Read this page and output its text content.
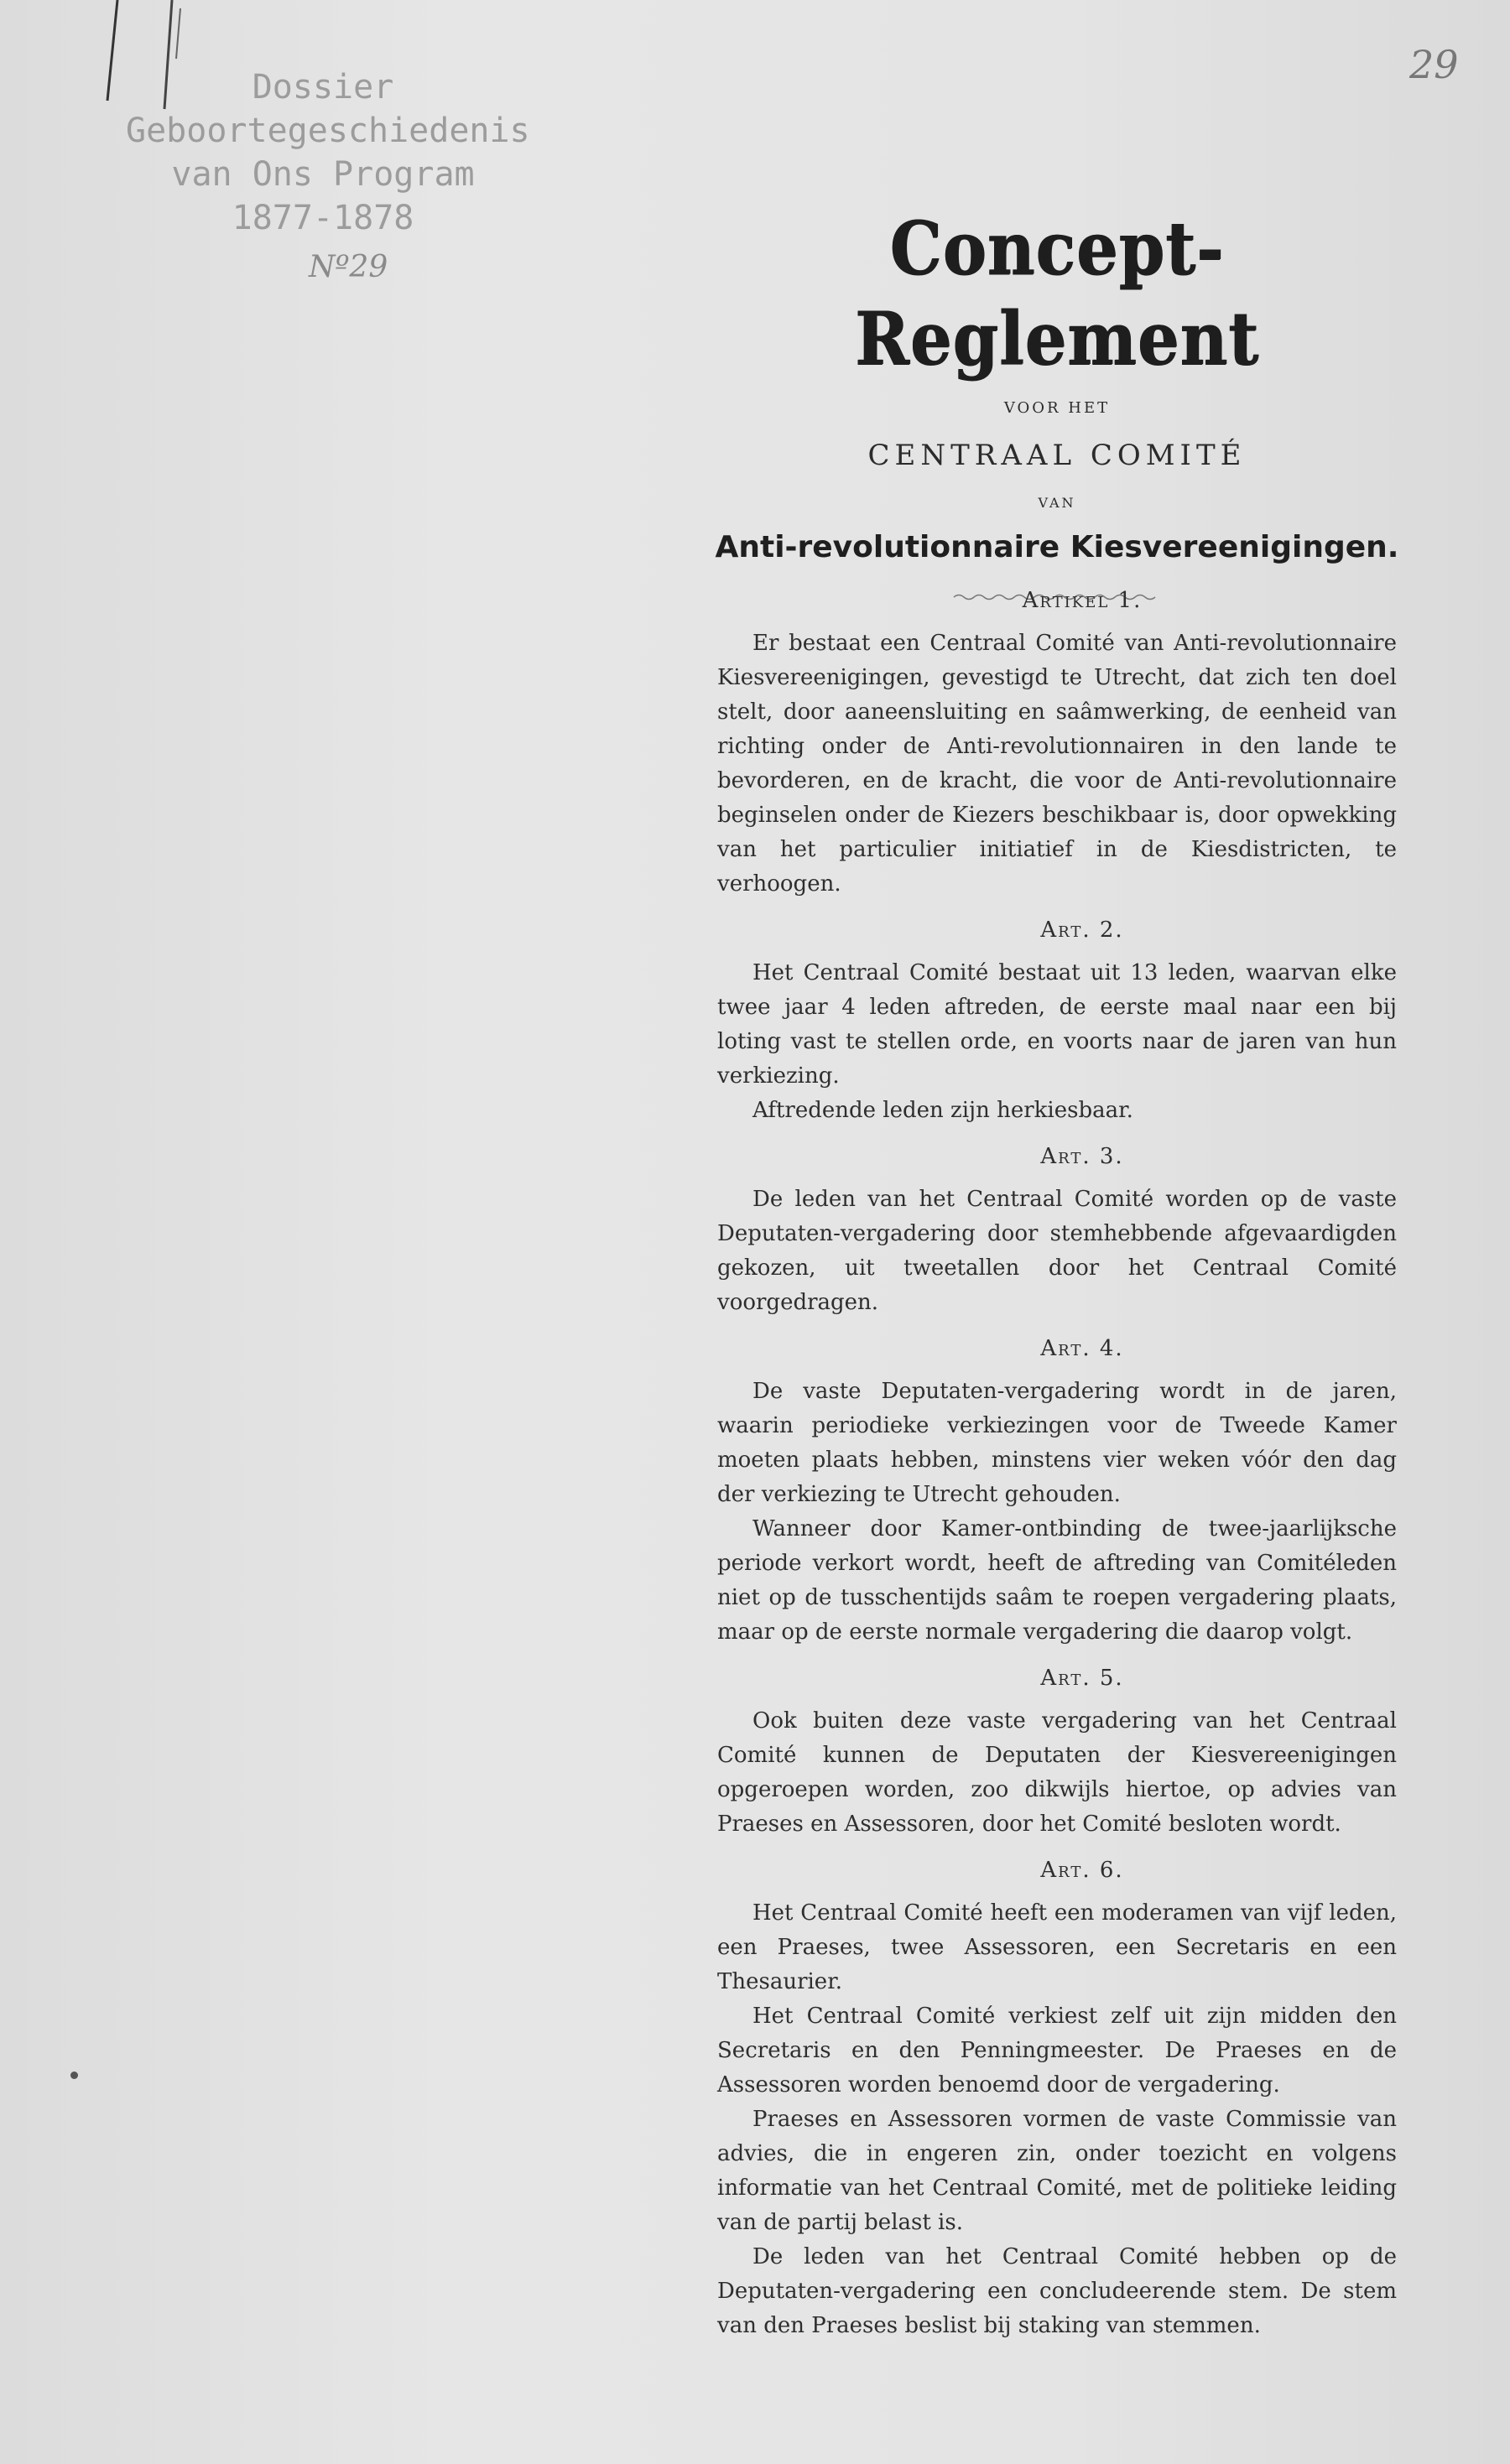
Dossier
Geboortegeschiedenis
van Ons Program
1877-1878
Nº29
29
Concept-Reglement
VOOR HET
CENTRAAL COMITÉ
VAN
Anti-revolutionnaire Kiesvereenigingen.
Artikel 1.

Er bestaat een Centraal Comité van Anti-revolutionnaire Kiesvereenigingen, gevestigd te Utrecht, dat zich ten doel stelt, door aaneensluiting en saâmwerking, de eenheid van richting onder de Anti-revolutionnairen in den lande te bevorderen, en de kracht, die voor de Anti-revolutionnaire beginselen onder de Kiezers beschikbaar is, door opwekking van het particulier initiatief in de Kiesdistricten, te verhoogen.

Art. 2.

Het Centraal Comité bestaat uit 13 leden, waarvan elke twee jaar 4 leden aftreden, de eerste maal naar een bij loting vast te stellen orde, en voorts naar de jaren van hun verkiezing.

Aftredende leden zijn herkiesbaar.

Art. 3.

De leden van het Centraal Comité worden op de vaste Deputaten-vergadering door stemhebbende afgevaardigden gekozen, uit tweetallen door het Centraal Comité voorgedragen.

Art. 4.

De vaste Deputaten-vergadering wordt in de jaren, waarin periodieke verkiezingen voor de Tweede Kamer moeten plaats hebben, minstens vier weken vóór den dag der verkiezing te Utrecht gehouden.

Wanneer door Kamer-ontbinding de twee-jaarlijksche periode verkort wordt, heeft de aftreding van Comitéleden niet op de tusschentijds saâm te roepen vergadering plaats, maar op de eerste normale vergadering die daarop volgt.

Art. 5.

Ook buiten deze vaste vergadering van het Centraal Comité kunnen de Deputaten der Kiesvereenigingen opgeroepen worden, zoo dikwijls hiertoe, op advies van Praeses en Assessoren, door het Comité besloten wordt.

Art. 6.

Het Centraal Comité heeft een moderamen van vijf leden, een Praeses, twee Assessoren, een Secretaris en een Thesaurier.

Het Centraal Comité verkiest zelf uit zijn midden den Secretaris en den Penningmeester. De Praeses en de Assessoren worden benoemd door de vergadering.

Praeses en Assessoren vormen de vaste Commissie van advies, die in engeren zin, onder toezicht en volgens informatie van het Centraal Comité, met de politieke leiding van de partij belast is.

De leden van het Centraal Comité hebben op de Deputaten-vergadering een concludeerende stem. De stem van den Praeses beslist bij staking van stemmen.
